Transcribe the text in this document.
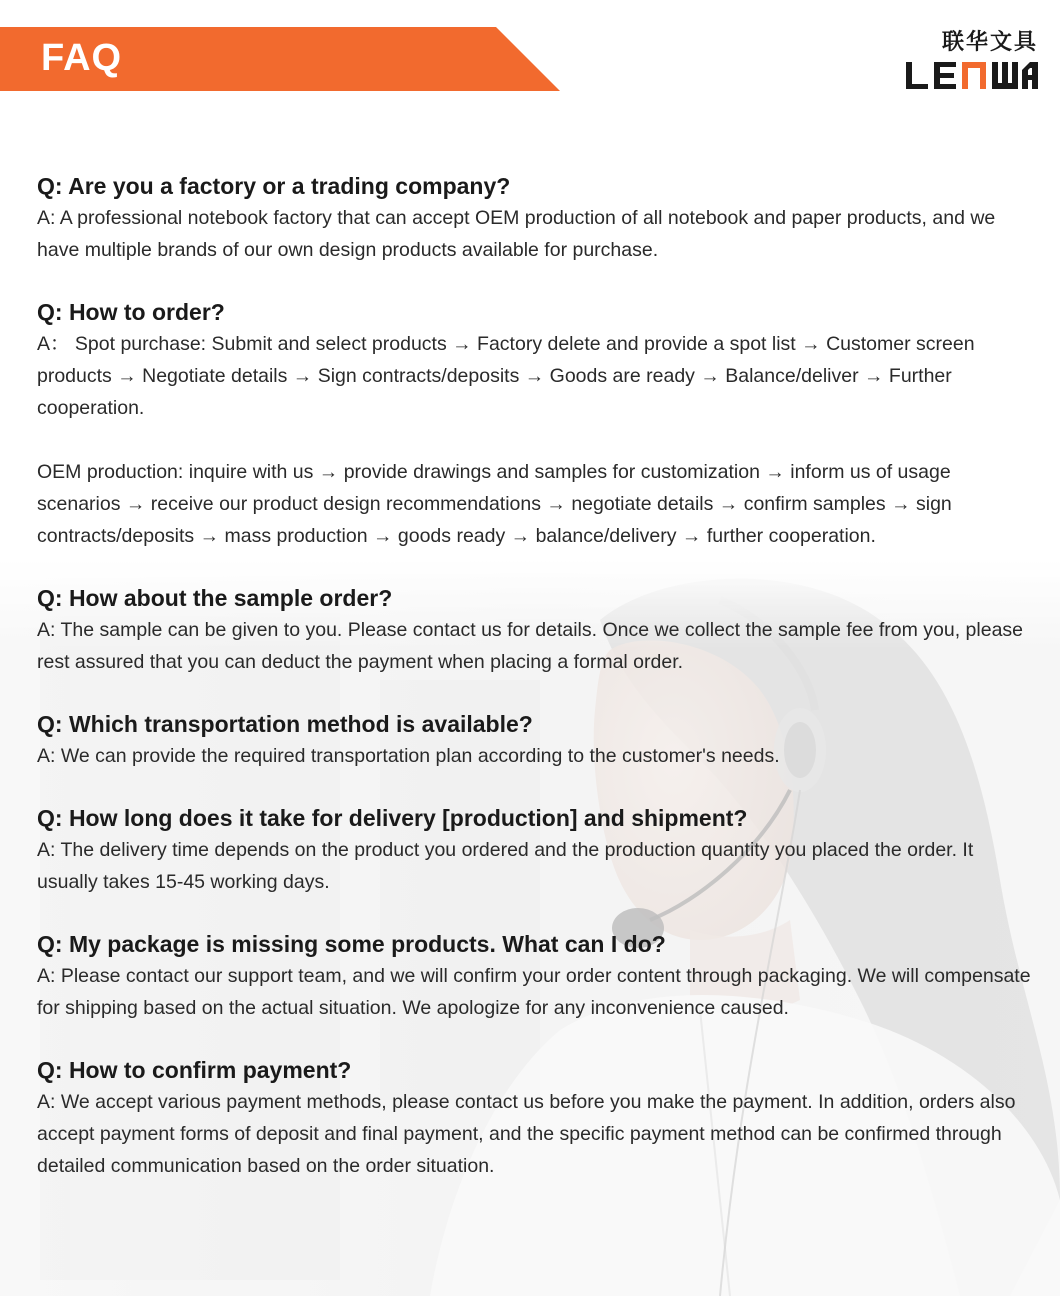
FAQ	联华文具

Q: Are you a factory or a trading company?

A: A professional notebook factory that can accept OEM production of all notebook and paper products, and we have multiple brands of our own design products available for purchase.

Q: How to order?

A： Spot purchase: Submit and select products → Factory delete and provide a spot list → Customer screen products → Negotiate details → Sign contracts/deposits → Goods are ready → Balance/deliver → Further cooperation.

OEM production: inquire with us → provide drawings and samples for customization → inform us of usage scenarios → receive our product design recommendations → negotiate details → confirm samples → sign contracts/deposits → mass production → goods ready → balance/delivery → further cooperation.

Q: How about the sample order?

A: The sample can be given to you. Please contact us for details. Once we collect the sample fee from you, please rest assured that you can deduct the payment when placing a formal order.

Q: Which transportation method is available?

A: We can provide the required transportation plan according to the customer's needs.

Q: How long does it take for delivery [production] and shipment?

A: The delivery time depends on the product you ordered and the production quantity you placed the order. It usually takes 15-45 working days.

Q: My package is missing some products. What can I do?

A: Please contact our support team, and we will confirm your order content through packaging. We will compensate for shipping based on the actual situation. We apologize for any inconvenience caused.

Q: How to confirm payment?

A: We accept various payment methods, please contact us before you make the payment. In addition, orders also accept payment forms of deposit and final payment, and the specific payment method can be confirmed through detailed communication based on the order situation.
